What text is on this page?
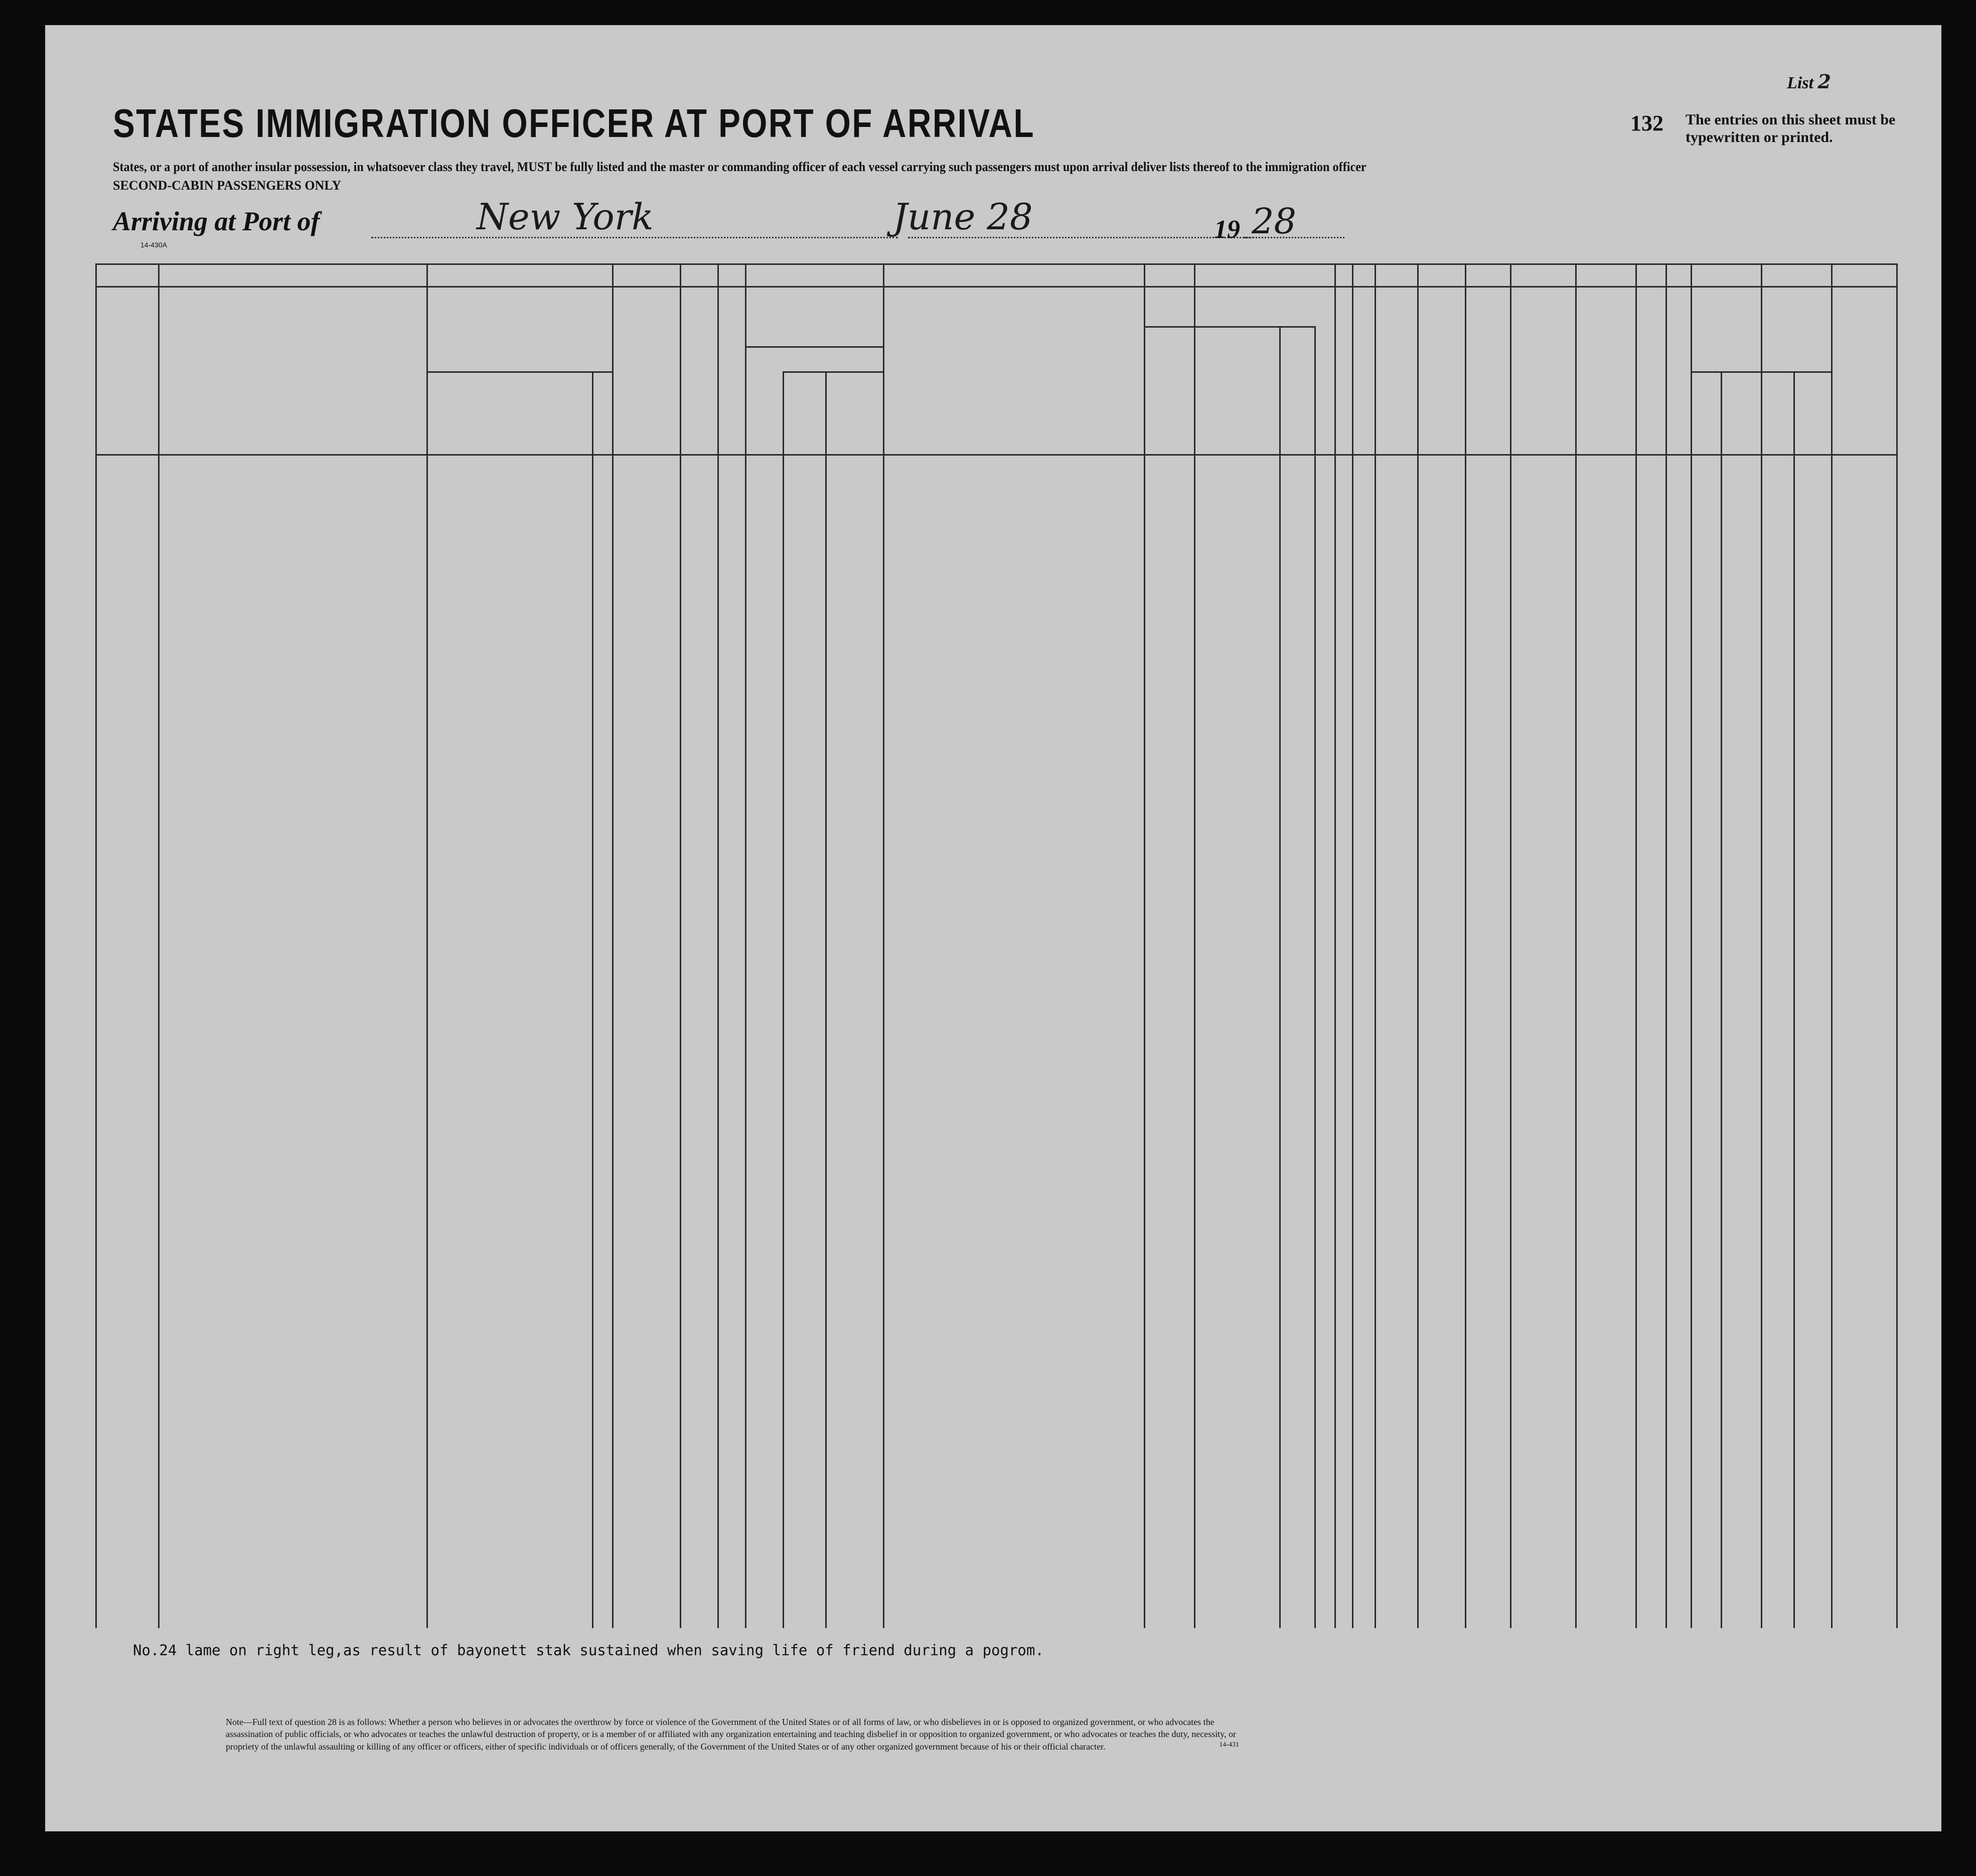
List 2
STATES IMMIGRATION OFFICER AT PORT OF ARRIVAL	132 The entries on this sheet must be typewritten or printed.
States, or a port of another insular possession, in whatsoever class they travel, MUST be fully listed and the master or commanding officer of each vessel carrying such passengers must upon arrival deliver lists thereof to the immigration officer
SECOND-CABIN PASSENGERS ONLY
Arriving at Port of	New York	June 28	19 28
14-430A
No.24 lame on right leg,as result of bayonett stak sustained when saving life of friend during a pogrom.
Note—Full text of question 28 is as follows: Whether a person who believes in or advocates the overthrow by force or violence of the Government of the United States or of all forms of law, or who disbelieves in or is opposed to organized government, or who advocates the assassination of public officials, or who advocates or teaches the unlawful destruction of property, or is a member of or affiliated with any organization entertaining and teaching disbelief in or opposition to organized government, or who advocates or teaches the duty, necessity, or propriety of the unlawful assaulting or killing of any officer or officers, either of specific individuals or of officers generally, of the Government of the United States or of any other organized government because of his or their official character.	14-431
